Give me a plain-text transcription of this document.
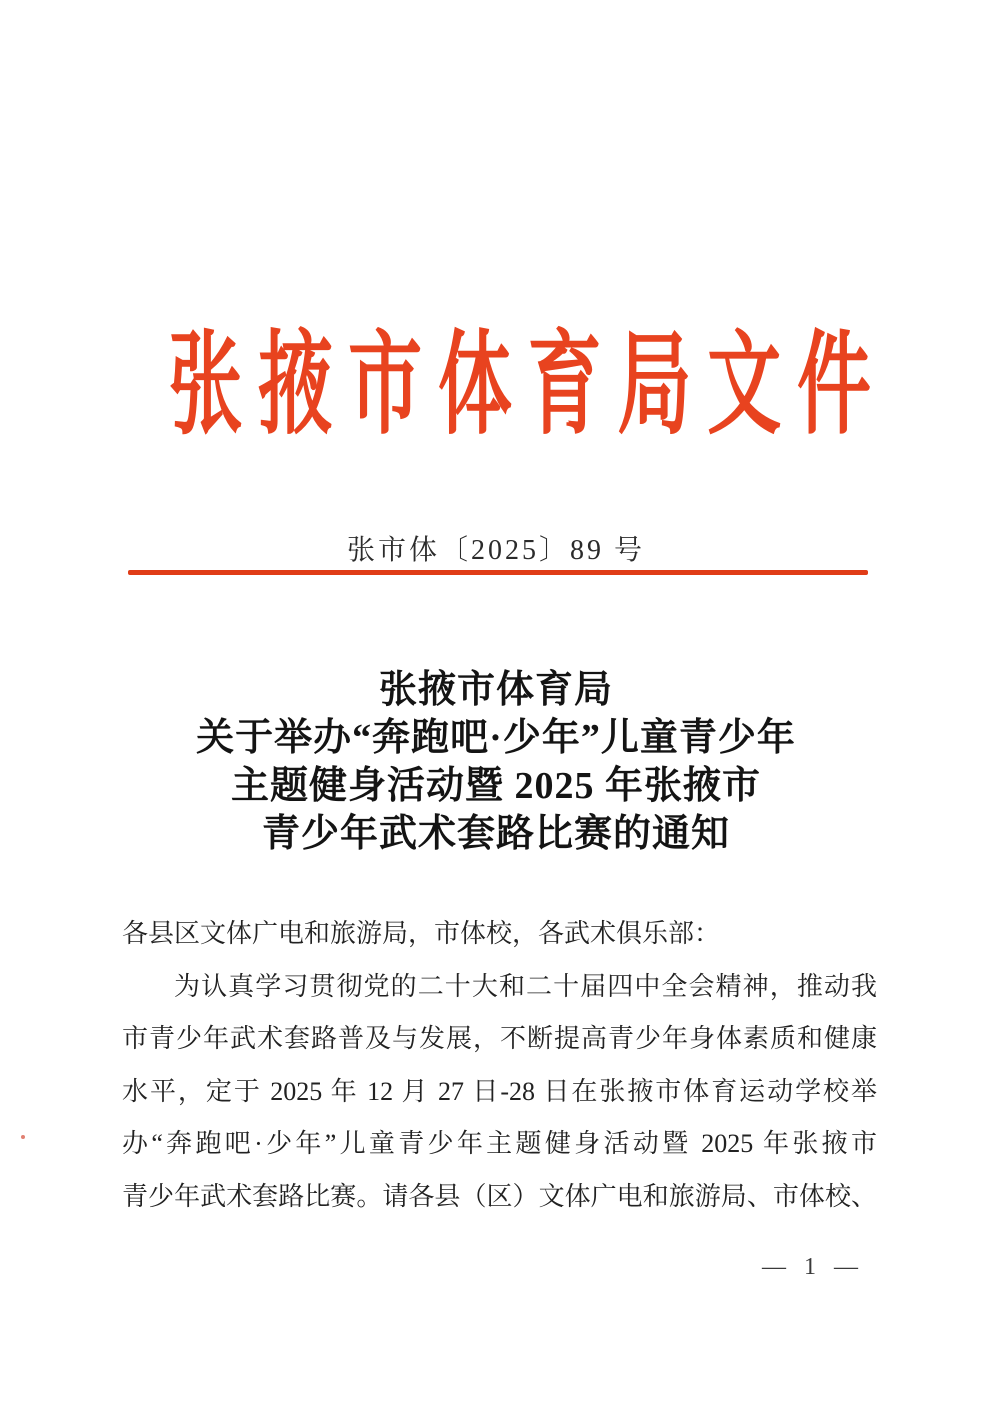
张掖市体育局文件
张市体〔2025〕89 号
张掖市体育局
关于举办“奔跑吧·少年”儿童青少年
主题健身活动暨 2025 年张掖市
青少年武术套路比赛的通知
各县区文体广电和旅游局，市体校，各武术俱乐部：
为认真学习贯彻党的二十大和二十届四中全会精神，推动我
市青少年武术套路普及与发展，不断提高青少年身体素质和健康
水平，定于 2025 年 12 月 27 日-28 日在张掖市体育运动学校举
办“奔跑吧·少年”儿童青少年主题健身活动暨 2025 年张掖市
青少年武术套路比赛。请各县（区）文体广电和旅游局、市体校、
— 1 —
